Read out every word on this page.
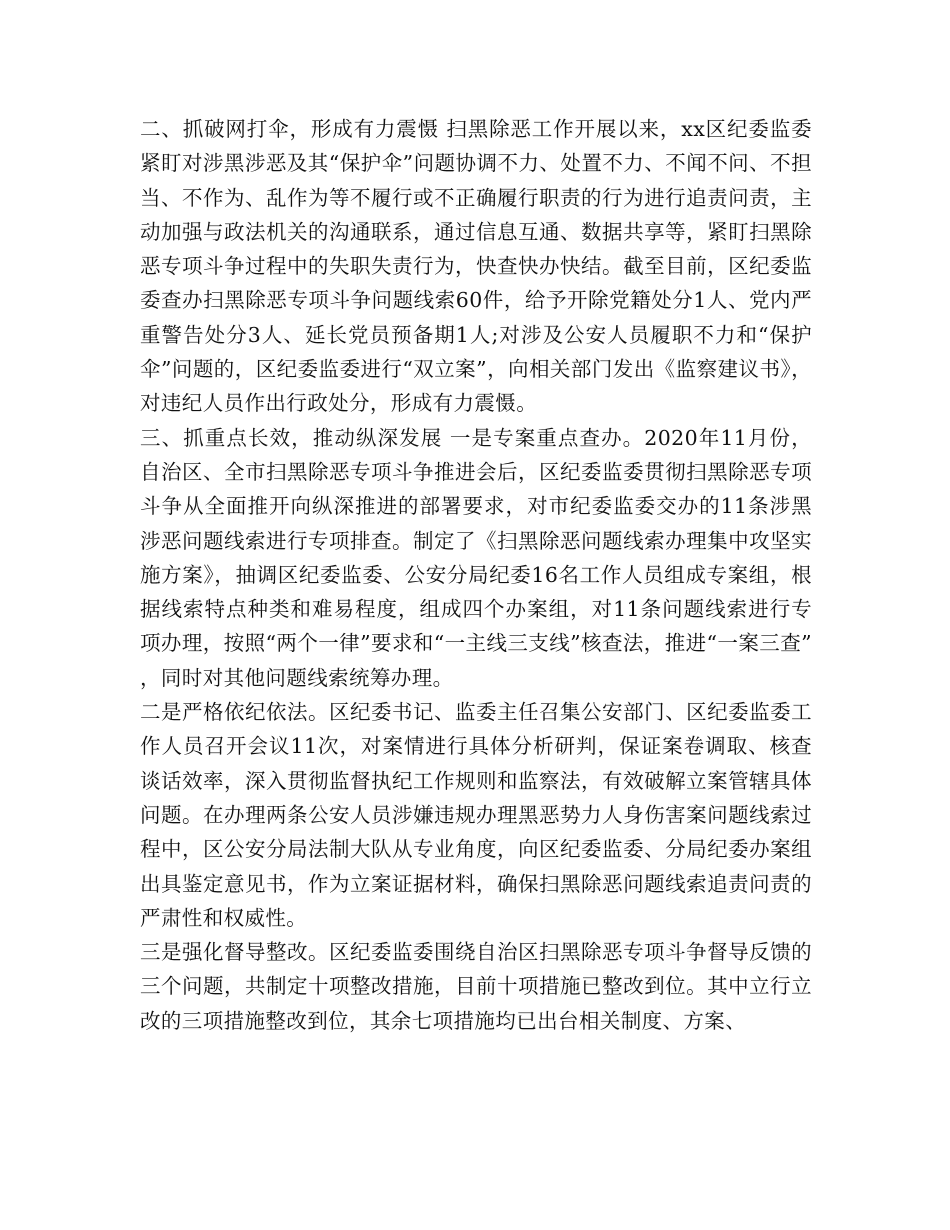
二、抓破网打伞，形成有力震慑 扫黑除恶工作开展以来，xx区纪委监委紧盯对涉黑涉恶及其“保护伞”问题协调不力、处置不力、不闻不问、不担当、不作为、乱作为等不履行或不正确履行职责的行为进行追责问责，主动加强与政法机关的沟通联系，通过信息互通、数据共享等，紧盯扫黑除恶专项斗争过程中的失职失责行为，快查快办快结。截至目前，区纪委监委查办扫黑除恶专项斗争问题线索60件，给予开除党籍处分1人、党内严重警告处分3人、延长党员预备期1人;对涉及公安人员履职不力和“保护伞”问题的，区纪委监委进行“双立案”，向相关部门发出《监察建议书》，对违纪人员作出行政处分，形成有力震慑。

三、抓重点长效，推动纵深发展 一是专案重点查办。2020年11月份，自治区、全市扫黑除恶专项斗争推进会后，区纪委监委贯彻扫黑除恶专项斗争从全面推开向纵深推进的部署要求，对市纪委监委交办的11条涉黑涉恶问题线索进行专项排查。制定了《扫黑除恶问题线索办理集中攻坚实施方案》，抽调区纪委监委、公安分局纪委16名工作人员组成专案组，根据线索特点种类和难易程度，组成四个办案组，对11条问题线索进行专项办理，按照“两个一律”要求和“一主线三支线”核查法，推进“一案三查”，同时对其他问题线索统筹办理。

二是严格依纪依法。区纪委书记、监委主任召集公安部门、区纪委监委工作人员召开会议11次，对案情进行具体分析研判，保证案卷调取、核查谈话效率，深入贯彻监督执纪工作规则和监察法，有效破解立案管辖具体问题。在办理两条公安人员涉嫌违规办理黑恶势力人身伤害案问题线索过程中，区公安分局法制大队从专业角度，向区纪委监委、分局纪委办案组出具鉴定意见书，作为立案证据材料，确保扫黑除恶问题线索追责问责的严肃性和权威性。

三是强化督导整改。区纪委监委围绕自治区扫黑除恶专项斗争督导反馈的三个问题，共制定十项整改措施，目前十项措施已整改到位。其中立行立改的三项措施整改到位，其余七项措施均已出台相关制度、方案、
